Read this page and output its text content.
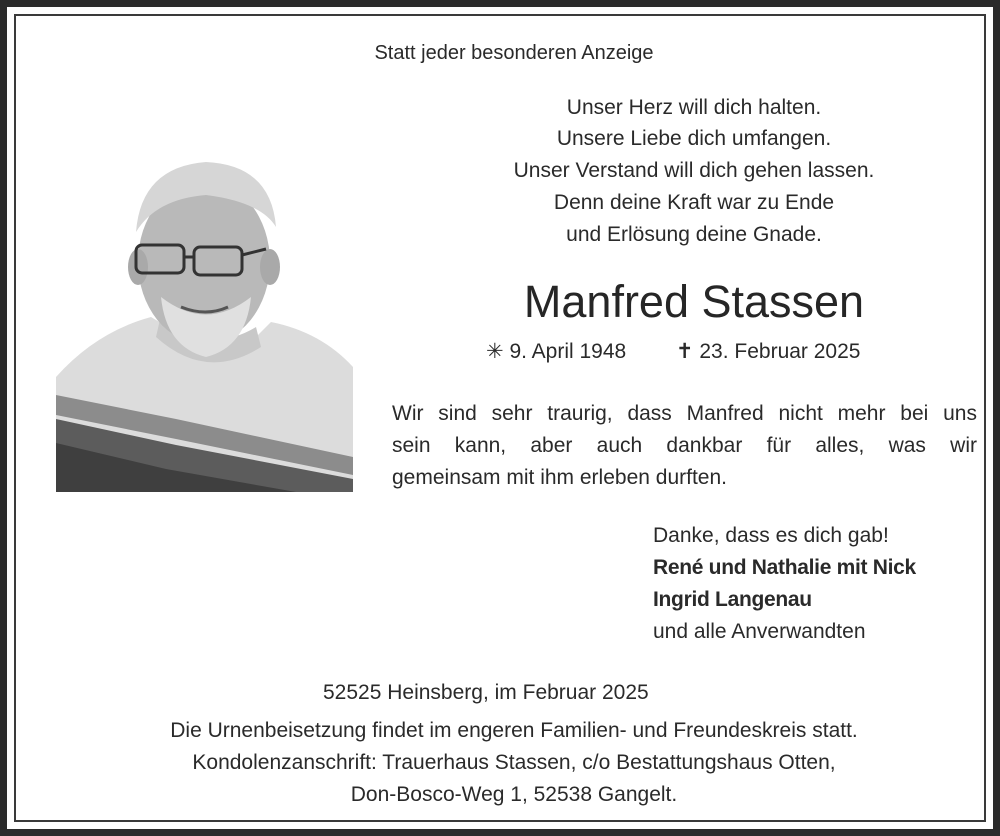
Statt jeder besonderen Anzeige
Unser Herz will dich halten.
Unsere Liebe dich umfangen.
Unser Verstand will dich gehen lassen.
Denn deine Kraft war zu Ende
und Erlösung deine Gnade.
Manfred Stassen
✳ 9. April 1948 ✝ 23. Februar 2025
Wir sind sehr traurig, dass Manfred nicht mehr bei uns
sein kann, aber auch dankbar für alles, was wir
gemeinsam mit ihm erleben durften.
Danke, dass es dich gab!
René und Nathalie mit Nick
Ingrid Langenau
und alle Anverwandten
52525 Heinsberg, im Februar 2025
Die Urnenbeisetzung findet im engeren Familien- und Freundeskreis statt.
Kondolenzanschrift: Trauerhaus Stassen, c/o Bestattungshaus Otten,
Don-Bosco-Weg 1, 52538 Gangelt.
